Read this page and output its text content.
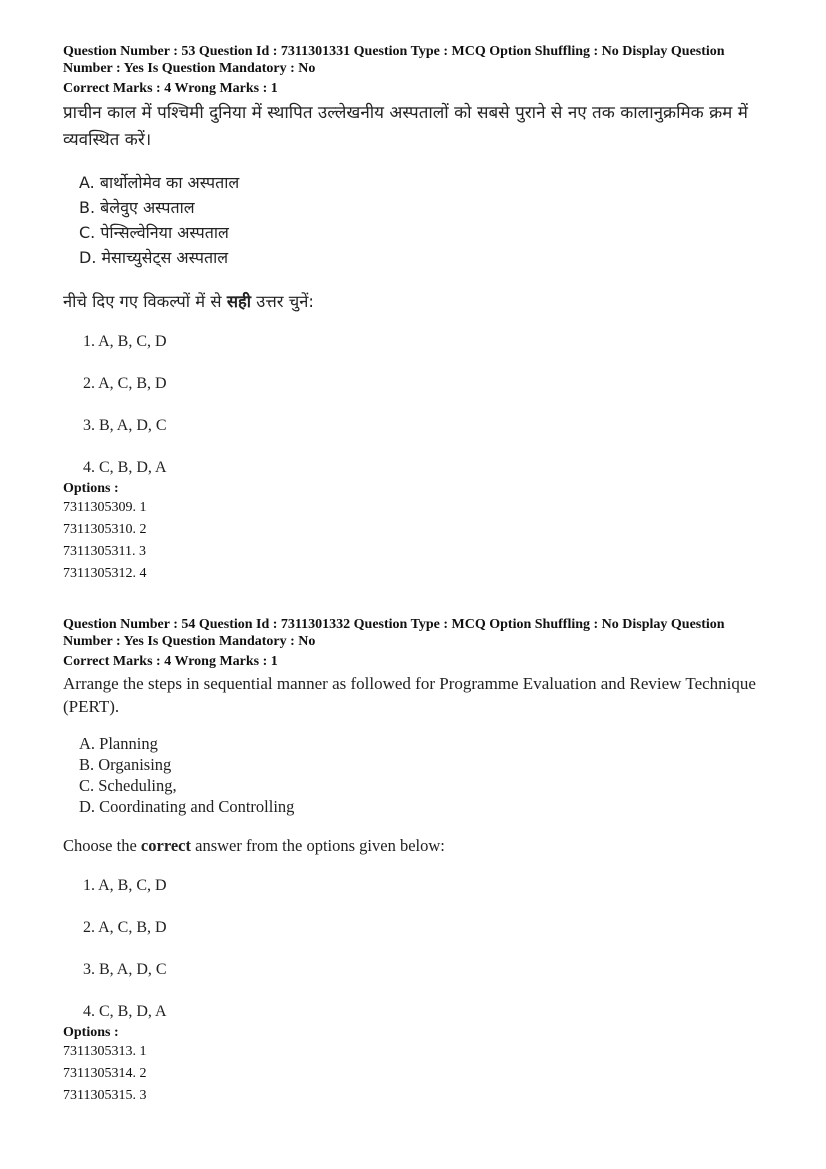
Question Number : 53 Question Id : 7311301331 Question Type : MCQ Option Shuffling : No Display Question

Number : Yes Is Question Mandatory : No

Correct Marks : 4 Wrong Marks : 1

प्राचीन काल में पश्चिमी दुनिया में स्थापित उल्लेखनीय अस्पतालों को सबसे पुराने से नए तक कालानुक्रमिक क्रम में व्यवस्थित करें।

A. बार्थोलोमेव का अस्पताल
B. बेलेवुए अस्पताल
C. पेन्सिल्वेनिया अस्पताल
D. मेसाच्युसेट्स अस्पताल

नीचे दिए गए विकल्पों में से सही उत्तर चुनें:

1. A, B, C, D
2. A, C, B, D
3. B, A, D, C
4. C, B, D, A
Options :
7311305309. 1
7311305310. 2
7311305311. 3
7311305312. 4

Question Number : 54 Question Id : 7311301332 Question Type : MCQ Option Shuffling : No Display Question

Number : Yes Is Question Mandatory : No

Correct Marks : 4 Wrong Marks : 1

Arrange the steps in sequential manner as followed for Programme Evaluation and Review Technique (PERT).

A. Planning
B. Organising
C. Scheduling,
D. Coordinating and Controlling

Choose the correct answer from the options given below:

1. A, B, C, D
2. A, C, B, D
3. B, A, D, C
4. C, B, D, A
Options :
7311305313. 1
7311305314. 2
7311305315. 3
